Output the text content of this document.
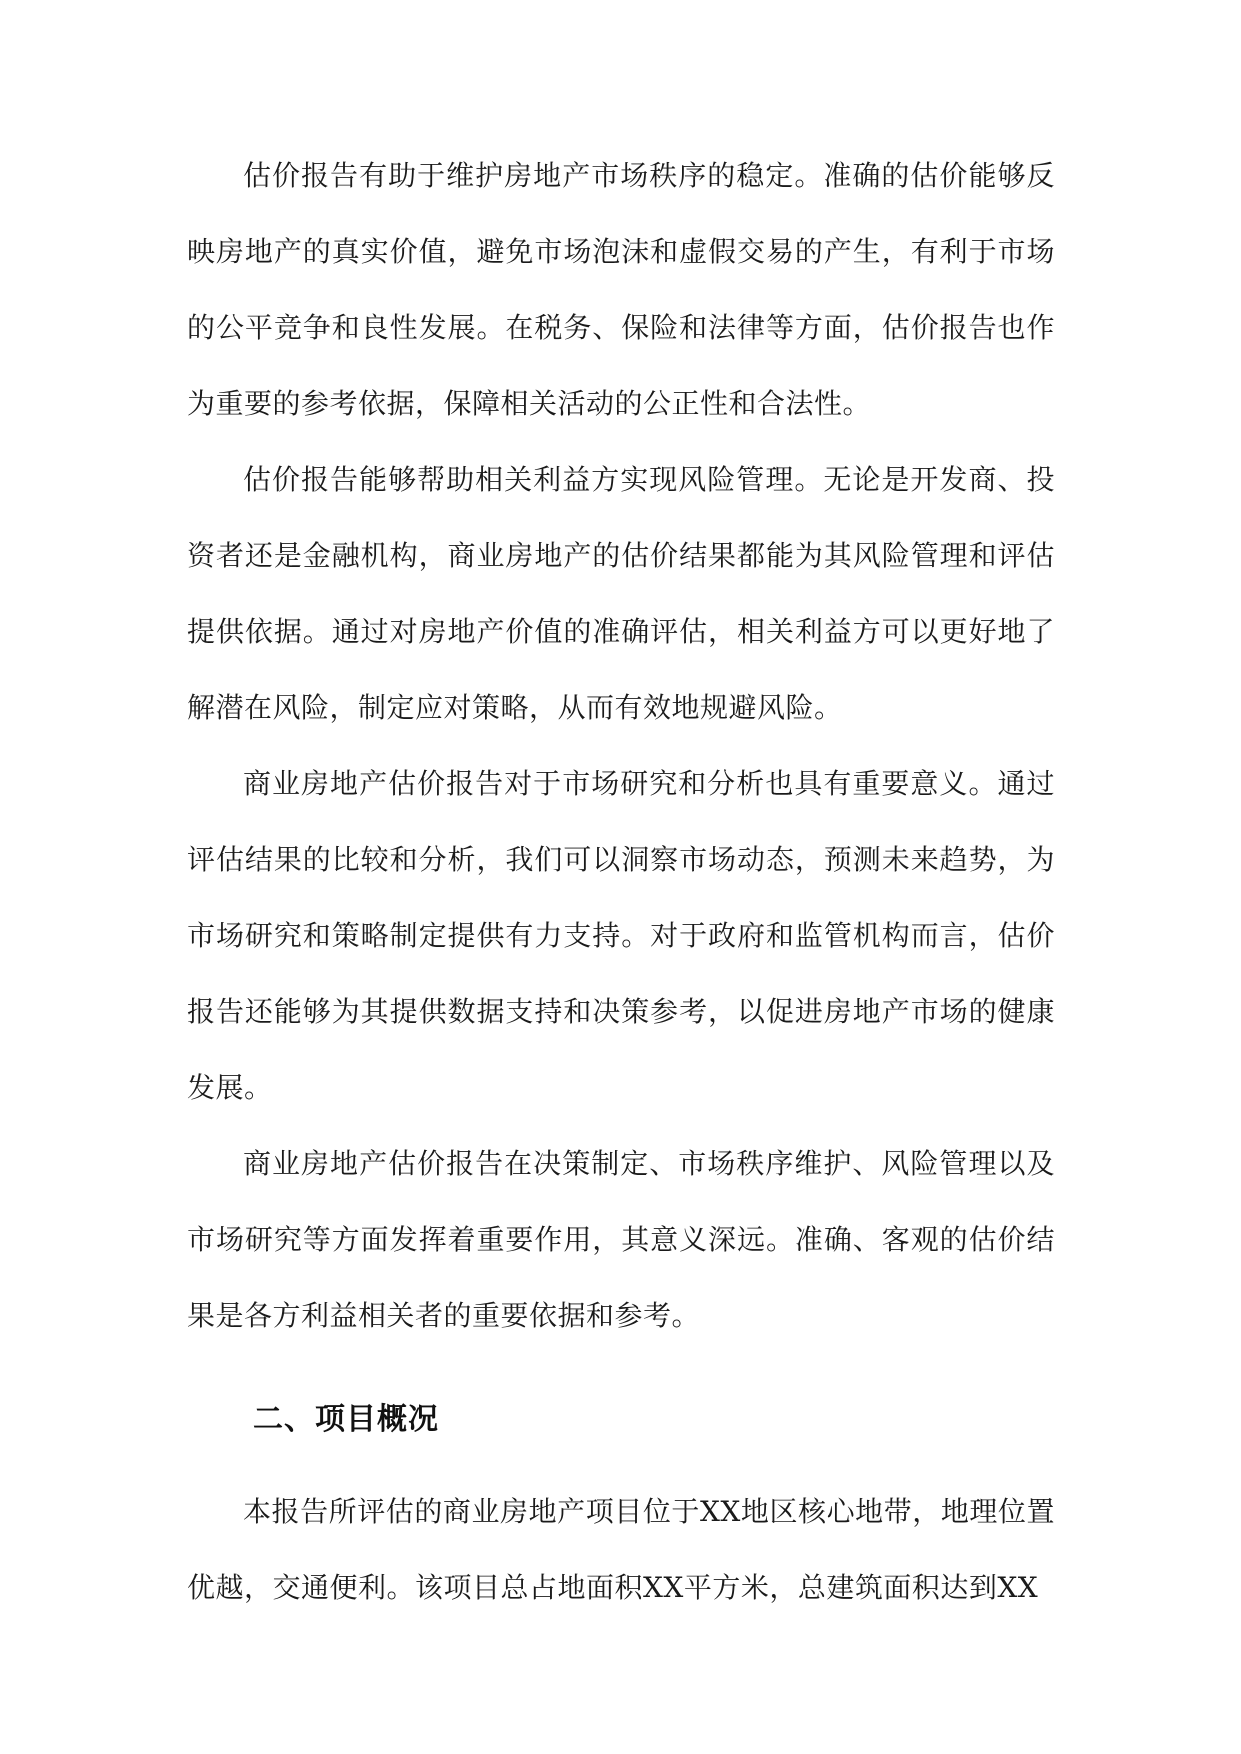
估价报告有助于维护房地产市场秩序的稳定。准确的估价能够反映房地产的真实价值，避免市场泡沫和虚假交易的产生，有利于市场的公平竞争和良性发展。在税务、保险和法律等方面，估价报告也作为重要的参考依据，保障相关活动的公正性和合法性。

估价报告能够帮助相关利益方实现风险管理。无论是开发商、投资者还是金融机构，商业房地产的估价结果都能为其风险管理和评估提供依据。通过对房地产价值的准确评估，相关利益方可以更好地了解潜在风险，制定应对策略，从而有效地规避风险。

商业房地产估价报告对于市场研究和分析也具有重要意义。通过评估结果的比较和分析，我们可以洞察市场动态，预测未来趋势，为市场研究和策略制定提供有力支持。对于政府和监管机构而言，估价报告还能够为其提供数据支持和决策参考，以促进房地产市场的健康发展。

商业房地产估价报告在决策制定、市场秩序维护、风险管理以及市场研究等方面发挥着重要作用，其意义深远。准确、客观的估价结果是各方利益相关者的重要依据和参考。

二、项目概况

本报告所评估的商业房地产项目位于XX地区核心地带，地理位置优越，交通便利。该项目总占地面积XX平方米，总建筑面积达到XX
